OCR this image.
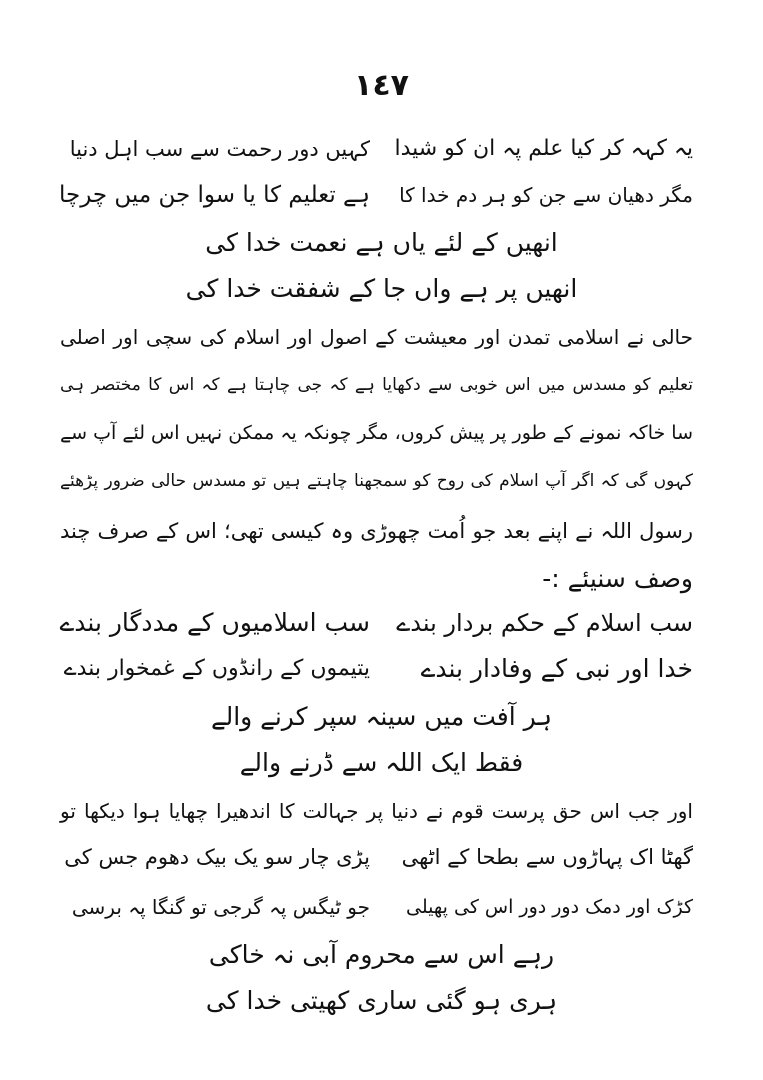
١٤٧
یہ کہہ کر کیا علم پہ ان کو شیدا
کہیں دور رحمت سے سب اہل دنیا
مگر دھیان سے جن کو ہر دم خدا کا
ہے تعلیم کا یا سوا جن میں چرچا
انھیں کے لئے یاں ہے نعمت خدا کی
انھیں پر ہے واں جا کے شفقت خدا کی
حالی نے اسلامی تمدن اور معیشت کے اصول اور اسلام کی سچی اور اصلی
تعلیم کو مسدس میں اس خوبی سے دکھایا ہے کہ جی چاہتا ہے کہ اس کا مختصر ہی
سا خاکہ نمونے کے طور پر پیش کروں، مگر چونکہ یہ ممکن نہیں اس لئے آپ سے
کہوں گی کہ اگر آپ اسلام کی روح کو سمجھنا چاہتے ہیں تو مسدس حالی ضرور پڑھئے
رسول اللہ نے اپنے بعد جو اُمت چھوڑی وہ کیسی تھی؛ اس کے صرف چند
وصف سنیئے :-
سب اسلام کے حکم بردار بندے
سب اسلامیوں کے مددگار بندے
خدا اور نبی کے وفادار بندے
یتیموں کے رانڈوں کے غمخوار بندے
ہر آفت میں سینہ سپر کرنے والے
فقط ایک اللہ سے ڈرنے والے
اور جب اس حق پرست قوم نے دنیا پر جہالت کا اندھیرا چھایا ہوا دیکھا تو
گھٹا اک پہاڑوں سے بطحا کے اٹھی
پڑی چار سو یک بیک دھوم جس کی
کڑک اور دمک دور دور اس کی پھیلی
جو ٹیگس پہ گرجی تو گنگا پہ برسی
رہے اس سے محروم آبی نہ خاکی
ہری ہو گئی ساری کھیتی خدا کی
